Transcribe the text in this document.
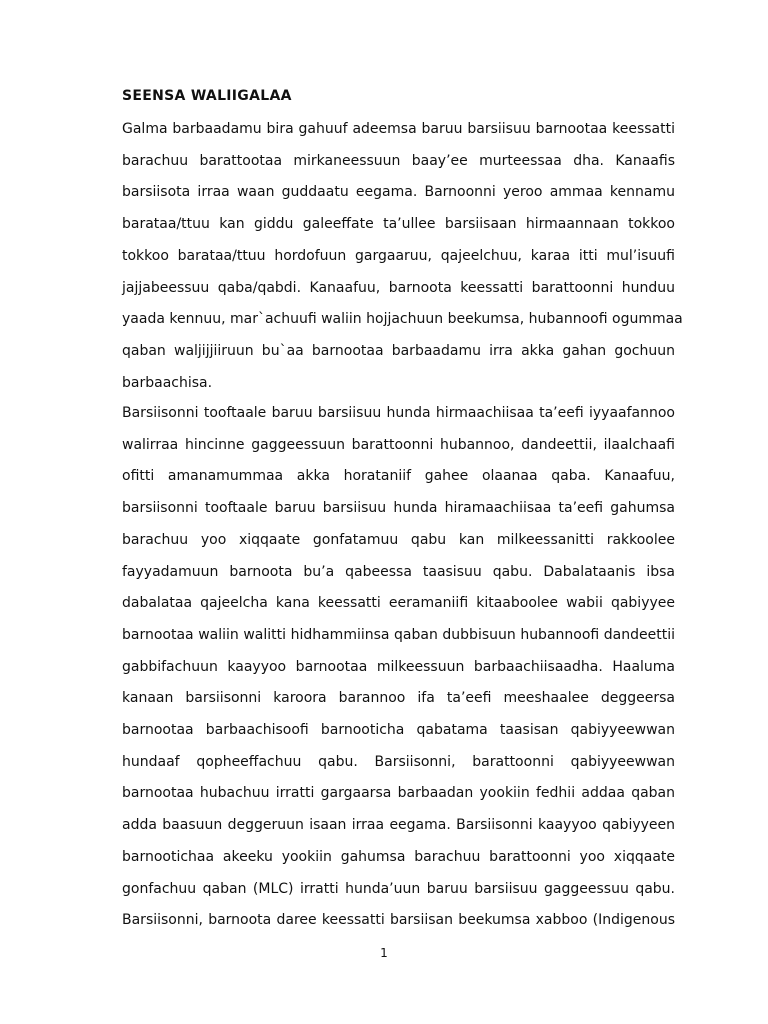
SEENSA WALIIGALAA
Galma barbaadamu bira gahuuf adeemsa baruu barsiisuu barnootaa keessatti
barachuu barattootaa mirkaneessuun baay’ee murteessaa dha. Kanaafis
barsiisota irraa waan guddaatu eegama. Barnoonni yeroo ammaa kennamu
barataa/ttuu kan giddu galeeffate ta’ullee barsiisaan hirmaannaan tokkoo
tokkoo barataa/ttuu hordofuun gargaaruu, qajeelchuu, karaa itti mul’isuufi
jajjabeessuu qaba/qabdi. Kanaafuu, barnoota keessatti barattoonni hunduu
yaada kennuu, mar`achuufi waliin hojjachuun beekumsa, hubannoofi ogummaa
qaban waljijjiiruun bu`aa barnootaa barbaadamu irra akka gahan gochuun
barbaachisa.
Barsiisonni tooftaale baruu barsiisuu hunda hirmaachiisaa ta’eefi iyyaafannoo
walirraa hincinne gaggeessuun barattoonni hubannoo, dandeettii, ilaalchaafi
ofitti amanamummaa akka horataniif gahee olaanaa qaba. Kanaafuu,
barsiisonni tooftaale baruu barsiisuu hunda hiramaachiisaa ta’eefi gahumsa
barachuu yoo xiqqaate gonfatamuu qabu kan milkeessanitti rakkoolee
fayyadamuun barnoota bu’a qabeessa taasisuu qabu. Dabalataanis ibsa
dabalataa qajeelcha kana keessatti eeramaniifi kitaaboolee wabii qabiyyee
barnootaa waliin walitti hidhammiinsa qaban dubbisuun hubannoofi dandeettii
gabbifachuun kaayyoo barnootaa milkeessuun barbaachiisaadha. Haaluma
kanaan barsiisonni karoora barannoo ifa ta’eefi meeshaalee deggeersa
barnootaa barbaachisoofi barnooticha qabatama taasisan qabiyyeewwan
hundaaf qopheeffachuu qabu. Barsiisonni, barattoonni qabiyyeewwan
barnootaa hubachuu irratti gargaarsa barbaadan yookiin fedhii addaa qaban
adda baasuun deggeruun isaan irraa eegama. Barsiisonni kaayyoo qabiyyeen
barnootichaa akeeku yookiin gahumsa barachuu barattoonni yoo xiqqaate
gonfachuu qaban (MLC) irratti hunda’uun baruu barsiisuu gaggeessuu qabu.
Barsiisonni, barnoota daree keessatti barsiisan beekumsa xabboo (Indigenous
1
